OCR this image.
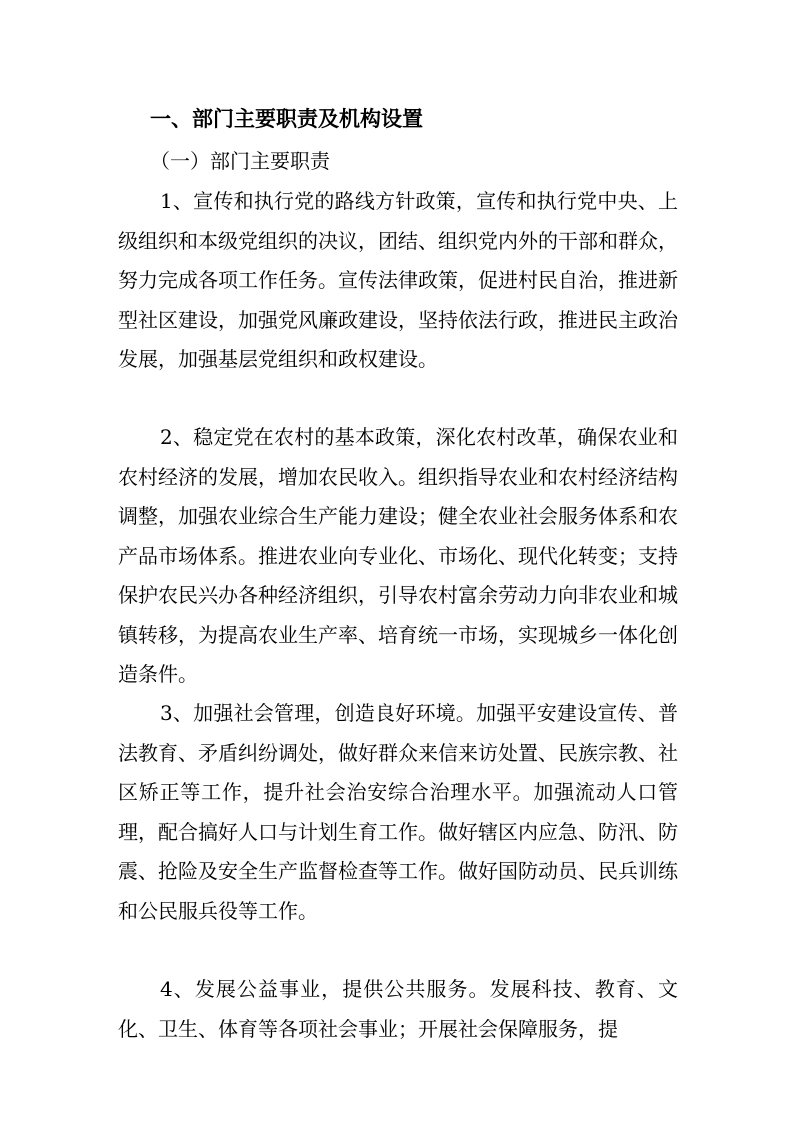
一、部门主要职责及机构设置
（一）部门主要职责

1、宣传和执行党的路线方针政策，宣传和执行党中央、上级组织和本级党组织的决议，团结、组织党内外的干部和群众，努力完成各项工作任务。宣传法律政策，促进村民自治，推进新型社区建设，加强党风廉政建设，坚持依法行政，推进民主政治发展，加强基层党组织和政权建设。

2、稳定党在农村的基本政策，深化农村改革，确保农业和农村经济的发展，增加农民收入。组织指导农业和农村经济结构调整，加强农业综合生产能力建设；健全农业社会服务体系和农产品市场体系。推进农业向专业化、市场化、现代化转变；支持保护农民兴办各种经济组织，引导农村富余劳动力向非农业和城镇转移，为提高农业生产率、培育统一市场，实现城乡一体化创造条件。

3、加强社会管理，创造良好环境。加强平安建设宣传、普法教育、矛盾纠纷调处，做好群众来信来访处置、民族宗教、社区矫正等工作，提升社会治安综合治理水平。加强流动人口管理，配合搞好人口与计划生育工作。做好辖区内应急、防汛、防震、抢险及安全生产监督检查等工作。做好国防动员、民兵训练和公民服兵役等工作。

4、发展公益事业，提供公共服务。发展科技、教育、文化、卫生、体育等各项社会事业；开展社会保障服务，提
